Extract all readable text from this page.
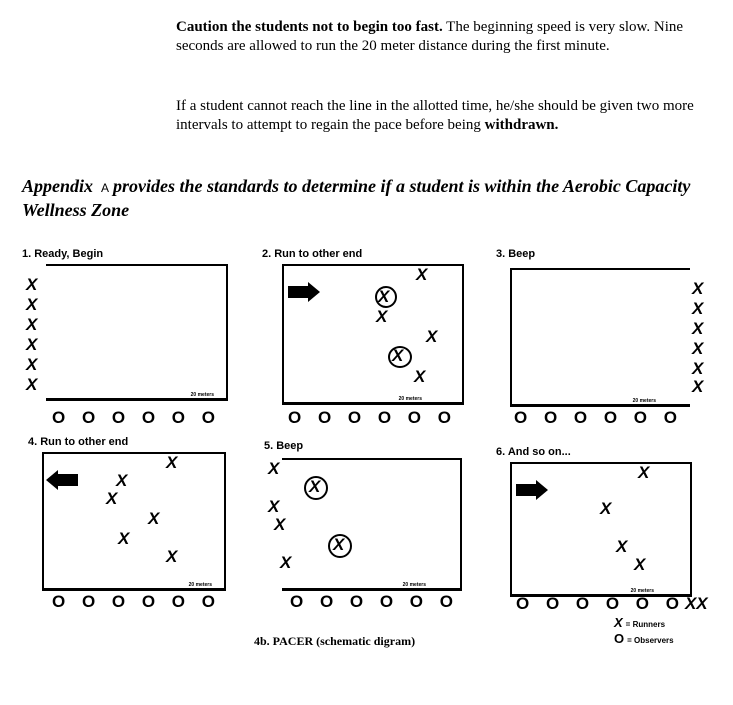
Caution the students not to begin too fast. The beginning speed is very slow. Nine seconds are allowed to run the 20 meter distance during the first minute.
If a student cannot reach the line in the allotted time, he/she should be given two more intervals to attempt to regain the pace before being withdrawn.
Appendix A provides the standards to determine if a student is within the Aerobic Capacity Wellness Zone
1. Ready, Begin
20 meters
X
X
X
X
X
X
O O O O O O
2. Run to other end
20 meters
X
X
X
X
X
X
O O O O O O
3. Beep
20 meters
X
X
X
X
X
X
O O O O O O
4. Run to other end
20 meters
X
X
X
X
X
X
O O O O O O
5. Beep
20 meters
X
X
X
X
X
X
O O O O O O
6. And so on...
20 meters
X
X
X
X
O O O O O OXX
X = Runners
O = Observers
4b. PACER (schematic digram)
